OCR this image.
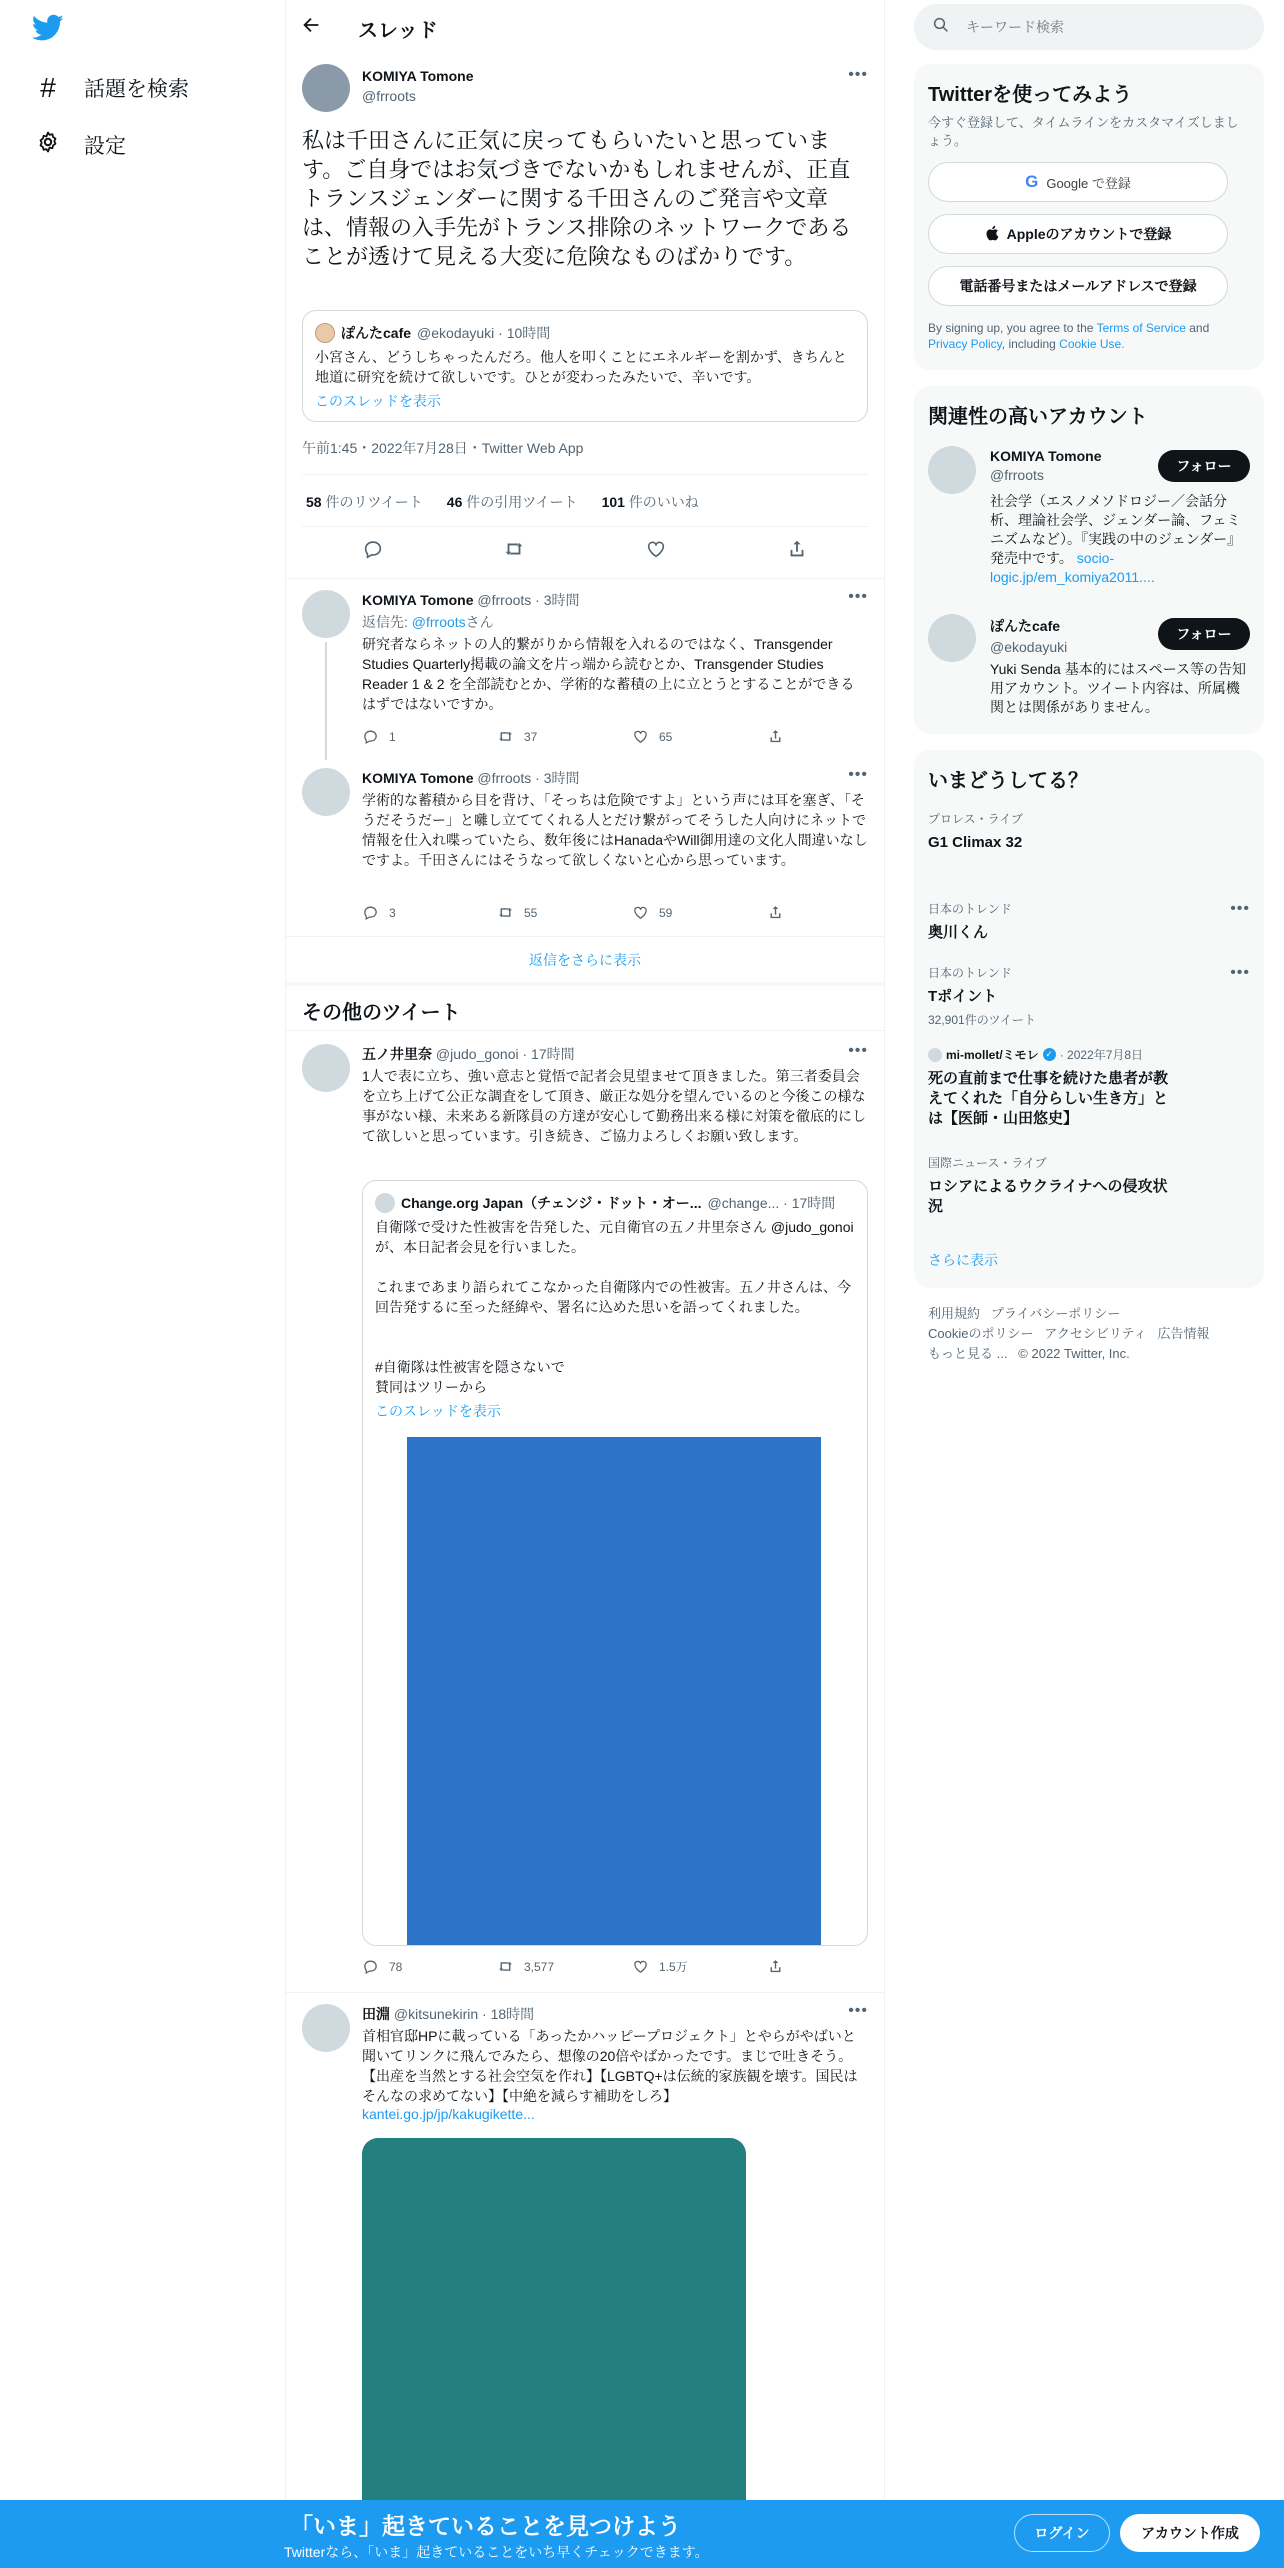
# 話題を検索
設定
スレッド
KOMIYA Tomone
@frroots
•••
私は千田さんに正気に戻ってもらいたいと思っています。ご自身ではお気づきでないかもしれませんが、正直トランスジェンダーに関する千田さんのご発言や文章は、情報の入手先がトランス排除のネットワークであることが透けて見える大変に危険なものばかりです。
ぽんたcafe @ekodayuki · 10時間
小宮さん、どうしちゃったんだろ。他人を叩くことにエネルギーを割かず、きちんと地道に研究を続けて欲しいです。ひとが変わったみたいで、辛いです。
このスレッドを表示
午前1:45・2022年7月28日・Twitter Web App
58 件のリツイート 46 件の引用ツイート 101 件のいいね
KOMIYA Tomone @frroots · 3時間	•••
返信先: @frrootsさん
研究者ならネットの人的繋がりから情報を入れるのではなく、Transgender Studies Quarterly掲載の論文を片っ端から読むとか、Transgender Studies Reader 1 & 2 を全部読むとか、学術的な蓄積の上に立とうとすることができるはずではないですか。
1	37	65
KOMIYA Tomone @frroots · 3時間	•••
学術的な蓄積から目を背け、「そっちは危険ですよ」という声には耳を塞ぎ、「そうだそうだー」と囃し立ててくれる人とだけ繋がってそうした人向けにネットで情報を仕入れ喋っていたら、数年後にはHanadaやWill御用達の文化人間違いなしですよ。千田さんにはそうなって欲しくないと心から思っています。
3	55	59
返信をさらに表示
その他のツイート
五ノ井里奈 @judo_gonoi · 17時間	•••
1人で表に立ち、強い意志と覚悟で記者会見望ませて頂きました。第三者委員会を立ち上げて公正な調査をして頂き、厳正な処分を望んでいるのと今後この様な事がない様、未来ある新隊員の方達が安心して勤務出来る様に対策を徹底的にして欲しいと思っています。引き続き、ご協力よろしくお願い致します。
Change.org Japan（チェンジ・ドット・オー... @change... · 17時間
自衛隊で受けた性被害を告発した、元自衛官の五ノ井里奈さん @judo_gonoi が、本日記者会見を行いました。
これまであまり語られてこなかった自衛隊内での性被害。五ノ井さんは、今回告発するに至った経緯や、署名に込めた思いを語ってくれました。
#自衛隊は性被害を隠さないで
賛同はツリーから
このスレッドを表示
78	3,577	1.5万
田淵 @kitsunekirin · 18時間	•••
首相官邸HPに載っている「あったかハッピープロジェクト」とやらがやばいと聞いてリンクに飛んでみたら、想像の20倍やばかったです。まじで吐きそう。【出産を当然とする社会空気を作れ】【LGBTQ+は伝統的家族観を壊す。国民はそんなの求めてない】【中絶を減らす補助をしろ】
kantei.go.jp/jp/kakugikette...
キーワード検索
Twitterを使ってみよう
今すぐ登録して、タイムラインをカスタマイズしましょう。
G Google で登録
Appleのアカウントで登録
電話番号またはメールアドレスで登録
By signing up, you agree to the Terms of Service and Privacy Policy, including Cookie Use.
関連性の高いアカウント
KOMIYA Tomone
@frroots
フォロー
社会学（エスノメソドロジー／会話分析、理論社会学、ジェンダー論、フェミニズムなど）。『実践の中のジェンダー』発売中です。 socio-logic.jp/em_komiya2011....
ぽんたcafe
@ekodayuki
フォロー
Yuki Senda 基本的にはスペース等の告知用アカウント。ツイート内容は、所属機関とは関係がありません。
いまどうしてる？
プロレス・ライブ
G1 Climax 32
日本のトレンド
奥川くん
•••
日本のトレンド
Tポイント
32,901件のツイート
•••
mi-mollet/ミモレ ✓ · 2022年7月8日
死の直前まで仕事を続けた患者が教えてくれた「自分らしい生き方」とは【医師・山田悠史】
国際ニュース・ライブ
ロシアによるウクライナへの侵攻状況
さらに表示
利用規約 プライバシーポリシー
Cookieのポリシー アクセシビリティ 広告情報
もっと見る ... © 2022 Twitter, Inc.
「いま」起きていることを見つけよう
Twitterなら、「いま」起きていることをいち早くチェックできます。
ログイン	アカウント作成
